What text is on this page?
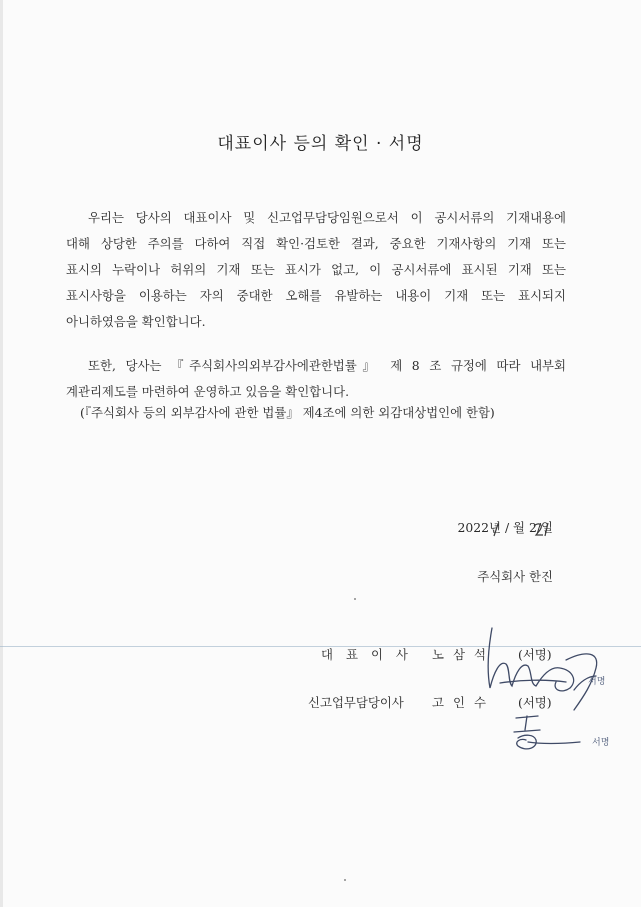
대표이사 등의 확인 · 서명
우리는 당사의 대표이사 및 신고업무담당임원으로서 이 공시서류의 기재내용에
대해 상당한 주의를 다하여 직접 확인·검토한 결과, 중요한 기재사항의 기재 또는
표시의 누락이나 허위의 기재 또는 표시가 없고, 이 공시서류에 표시된 기재 또는
표시사항을 이용하는 자의 중대한 오해를 유발하는 내용이 기재 또는 표시되지
아니하였음을 확인합니다.
또한, 당사는 『주식회사의외부감사에관한법률』 제 8 조 규정에 따라 내부회
계관리제도를 마련하여 운영하고 있음을 확인합니다.
(『주식회사 등의 외부감사에 관한 법률』 제4조에 의한 외감대상법인에 한함)
2022년 / 월 2/일
주식회사 한진
대표이사 노삼석 (서명)
신고업무담당이사 고인수 (서명)
서명
서명
